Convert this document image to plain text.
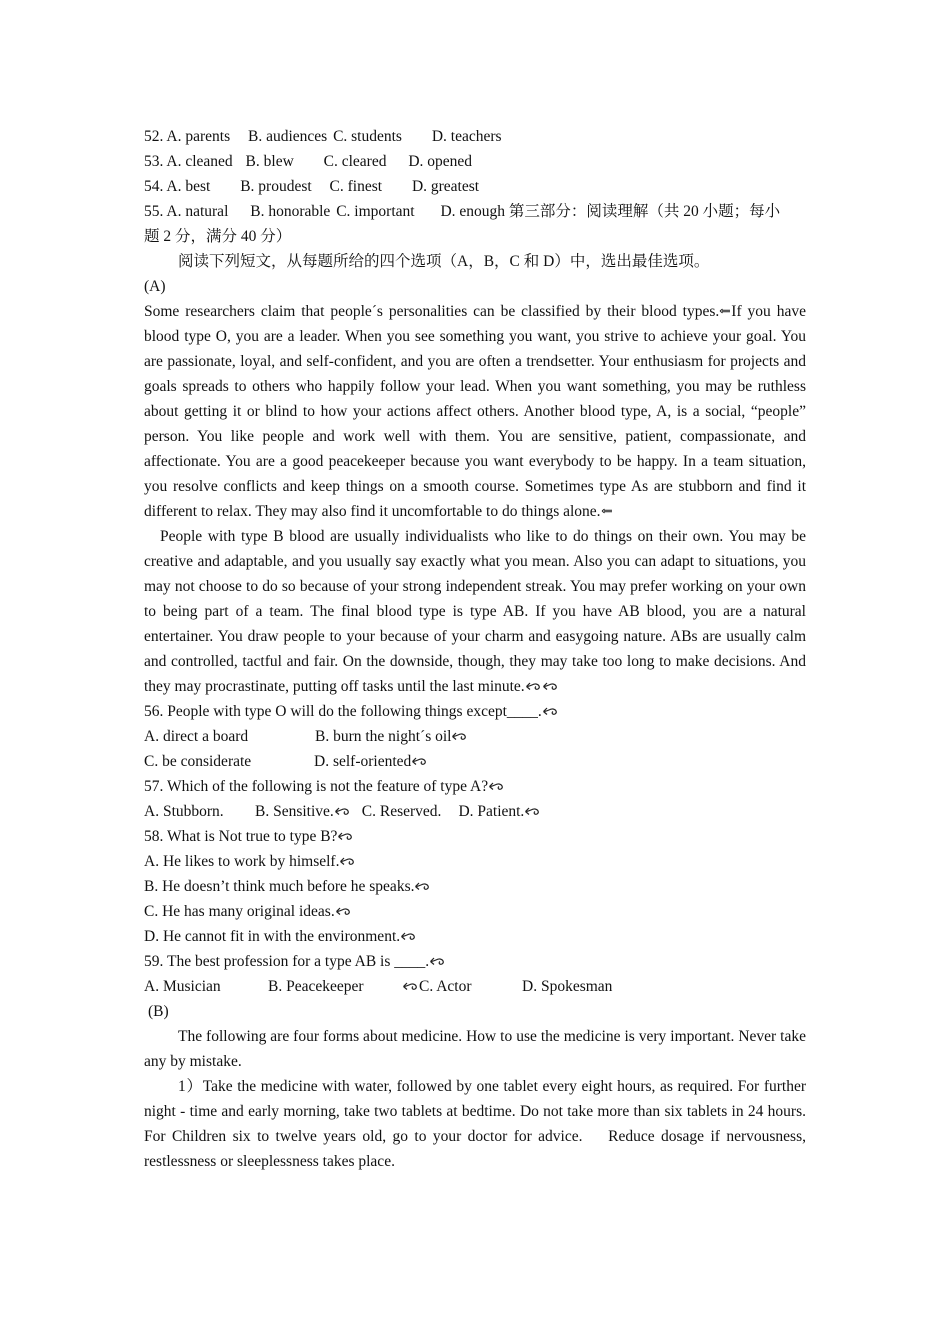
52. A. parents B. audiences C. students D. teachers
53. A. cleaned B. blew C. cleared D. opened
54. A. best B. proudest C. finest D. greatest
55. A. natural B. honorable C. important D. enough 第三部分：阅读理解（共 20 小题；每小
题 2 分，满分 40 分）
阅读下列短文，从每题所给的四个选项（A，B，C 和 D）中，选出最佳选项。
(A)
Some researchers claim that people´s personalities can be classified by their blood types. If you have blood type O, you are a leader. When you see something you want, you strive to achieve your goal. You are passionate, loyal, and self-confident, and you are often a trendsetter. Your enthusiasm for projects and goals spreads to others who happily follow your lead. When you want something, you may be ruthless about getting it or blind to how your actions affect others. Another blood type, A, is a social, “people” person. You like people and work well with them. You are sensitive, patient, compassionate, and affectionate. You are a good peacekeeper because you want everybody to be happy. In a team situation, you resolve conflicts and keep things on a smooth course. Sometimes type As are stubborn and find it different to relax. They may also find it uncomfortable to do things alone.
People with type B blood are usually individualists who like to do things on their own. You may be creative and adaptable, and you usually say exactly what you mean. Also you can adapt to situations, you may not choose to do so because of your strong independent streak. You may prefer working on your own to being part of a team. The final blood type is type AB. If you have AB blood, you are a natural entertainer. You draw people to your because of your charm and easygoing nature. ABs are usually calm and controlled, tactful and fair. On the downside, though, they may take too long to make decisions. And they may procrastinate, putting off tasks until the last minute.
56. People with type O will do the following things except____.
A. direct a board	B. burn the night´s oil
C. be considerate	D. self-oriented
57. Which of the following is not the feature of type A?
A. Stubborn. B. Sensitive. C. Reserved. D. Patient.
58. What is Not true to type B?
A. He likes to work by himself.
B. He doesn’t think much before he speaks.
C. He has many original ideas.
D. He cannot fit in with the environment.
59. The best profession for a type AB is ____.
A. Musician	B. Peacekeeper	C. Actor	D. Spokesman
(B)
The following are four forms about medicine. How to use the medicine is very important. Never take any by mistake.
1）Take the medicine with water, followed by one tablet every eight hours, as required. For further night - time and early morning, take two tablets at bedtime. Do not take more than six tablets in 24 hours. For Children six to twelve years old, go to your doctor for advice.    Reduce dosage if nervousness, restlessness or sleeplessness takes place.
